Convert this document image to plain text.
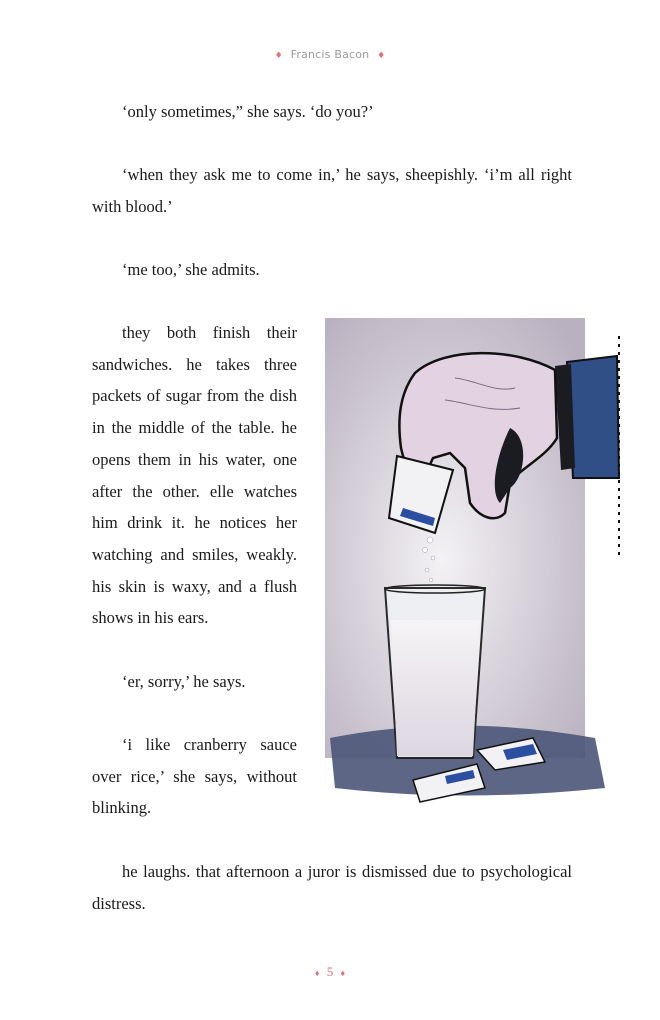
♦ Francis Bacon ♦

‘only sometimes,” she says. ‘do you?’

‘when they ask me to come in,’ he says, sheepishly. ‘i’m all right with blood.’

‘me too,’ she admits.

they both finish their sandwiches. he takes three packets of sugar from the dish in the middle of the table. he opens them in his water, one after the other. elle watches him drink it. he notices her watching and smiles, weakly. his skin is waxy, and a flush shows in his ears.

‘er, sorry,’ he says.

‘i like cranberry sauce over rice,’ she says, without blinking.

he laughs. that afternoon a juror is dismissed due to psychological distress.

♦ 5 ♦
